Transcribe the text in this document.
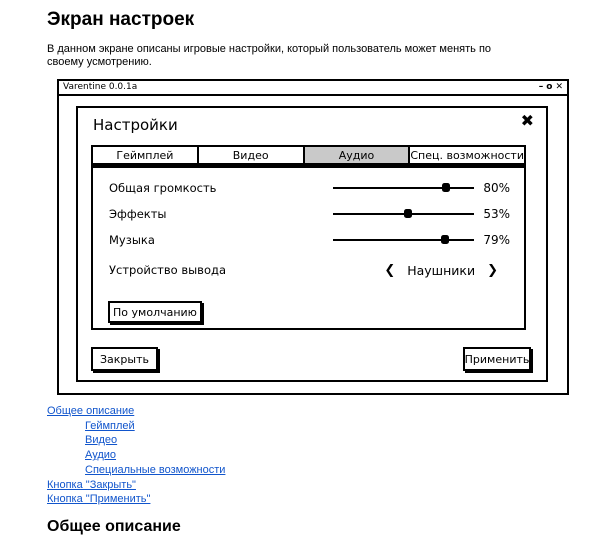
Экран настроек

В данном экране описаны игровые настройки, который пользователь может менять по своему усмотрению.

Varentine 0.0.1a	– o ✕
Настройки	✖
Геймплей	Видео	Аудио	Спец. возможности
Общая громкость	80%
Эффекты	53%
Музыка	79%
Устройство вывода	❮ Наушники ❯
По умолчанию
Закрыть	Применить
Общее описание
Геймплей
Видео
Аудио
Специальные возможности
Кнопка "Закрыть"
Кнопка "Применить"
Общее описание
